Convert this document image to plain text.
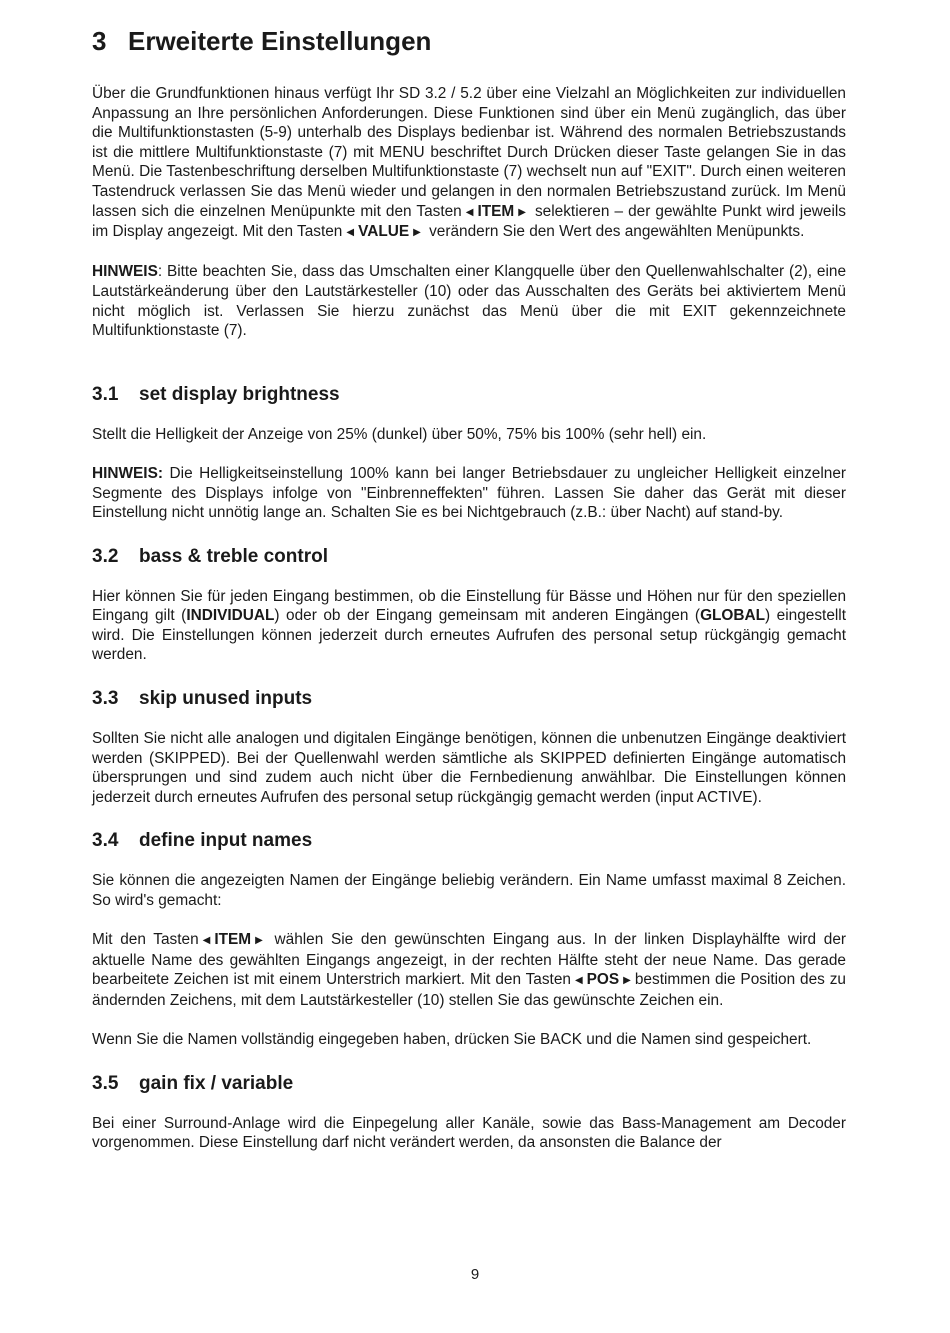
3 Erweiterte Einstellungen

Über die Grundfunktionen hinaus verfügt Ihr SD 3.2 / 5.2 über eine Vielzahl an Möglichkeiten zur individuellen Anpassung an Ihre persönlichen Anforderungen. Diese Funktionen sind über ein Menü zugänglich, das über die Multifunktionstasten (5-9) unterhalb des Displays bedienbar ist. Während des normalen Betriebszustands ist die mittlere Multifunktionstaste (7) mit MENU beschriftet Durch Drücken dieser Taste gelangen Sie in das Menü. Die Tastenbeschriftung derselben Multifunktionstaste (7) wechselt nun auf "EXIT". Durch einen weiteren Tastendruck verlassen Sie das Menü wieder und gelangen in den normalen Betriebszustand zurück. Im Menü lassen sich die einzelnen Menüpunkte mit den Tasten ◀ ITEM ▶ selektieren – der gewählte Punkt wird jeweils im Display angezeigt. Mit den Tasten ◀ VALUE ▶ verändern Sie den Wert des angewählten Menüpunkts.

HINWEIS: Bitte beachten Sie, dass das Umschalten einer Klangquelle über den Quellenwahlschalter (2), eine Lautstärkeänderung über den Lautstärkesteller (10) oder das Ausschalten des Geräts bei aktiviertem Menü nicht möglich ist. Verlassen Sie hierzu zunächst das Menü über die mit EXIT gekennzeichnete Multifunktionstaste (7).

3.1 set display brightness

Stellt die Helligkeit der Anzeige von 25% (dunkel) über 50%, 75% bis 100% (sehr hell) ein.

HINWEIS: Die Helligkeitseinstellung 100% kann bei langer Betriebsdauer zu ungleicher Helligkeit einzelner Segmente des Displays infolge von "Einbrenneffekten" führen. Lassen Sie daher das Gerät mit dieser Einstellung nicht unnötig lange an. Schalten Sie es bei Nichtgebrauch (z.B.: über Nacht) auf stand-by.

3.2 bass & treble control

Hier können Sie für jeden Eingang bestimmen, ob die Einstellung für Bässe und Höhen nur für den speziellen Eingang gilt (INDIVIDUAL) oder ob der Eingang gemeinsam mit anderen Eingängen (GLOBAL) eingestellt wird. Die Einstellungen können jederzeit durch erneutes Aufrufen des personal setup rückgängig gemacht werden.

3.3 skip unused inputs

Sollten Sie nicht alle analogen und digitalen Eingänge benötigen, können die unbenutzen Eingänge deaktiviert werden (SKIPPED). Bei der Quellenwahl werden sämtliche als SKIPPED definierten Eingänge automatisch übersprungen und sind zudem auch nicht über die Fernbedienung anwählbar. Die Einstellungen können jederzeit durch erneutes Aufrufen des personal setup rückgängig gemacht werden (input ACTIVE).

3.4 define input names

Sie können die angezeigten Namen der Eingänge beliebig verändern. Ein Name umfasst maximal 8 Zeichen. So wird's gemacht:

Mit den Tasten ◀ ITEM ▶ wählen Sie den gewünschten Eingang aus. In der linken Displayhälfte wird der aktuelle Name des gewählten Eingangs angezeigt, in der rechten Hälfte steht der neue Name. Das gerade bearbeitete Zeichen ist mit einem Unterstrich markiert. Mit den Tasten ◀ POS ▶ bestimmen die Position des zu ändernden Zeichens, mit dem Lautstärkesteller (10) stellen Sie das gewünschte Zeichen ein.

Wenn Sie die Namen vollständig eingegeben haben, drücken Sie BACK und die Namen sind gespeichert.

3.5 gain fix / variable

Bei einer Surround-Anlage wird die Einpegelung aller Kanäle, sowie das Bass-Management am Decoder vorgenommen. Diese Einstellung darf nicht verändert werden, da ansonsten die Balance der

9
